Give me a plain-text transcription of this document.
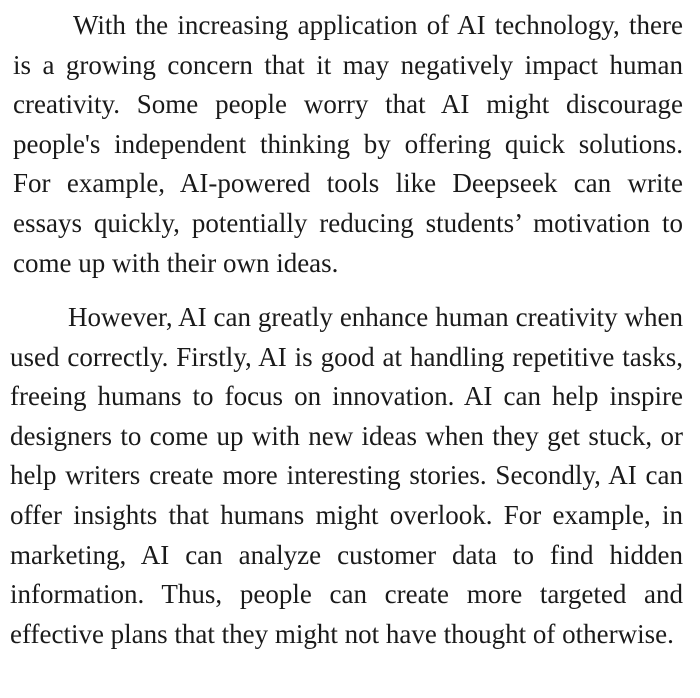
With the increasing application of AI technology, there is a growing concern that it may negatively impact human creativity. Some people worry that AI might discourage people's independent thinking by offering quick solutions. For example, AI-powered tools like Deepseek can write essays quickly, potentially reducing students’ motivation to come up with their own ideas.

However, AI can greatly enhance human creativity when used correctly. Firstly, AI is good at handling repetitive tasks, freeing humans to focus on innovation. AI can help inspire designers to come up with new ideas when they get stuck, or help writers create more interesting stories. Secondly, AI can offer insights that humans might overlook. For example, in marketing, AI can analyze customer data to find hidden information. Thus, people can create more targeted and effective plans that they might not have thought of otherwise.
